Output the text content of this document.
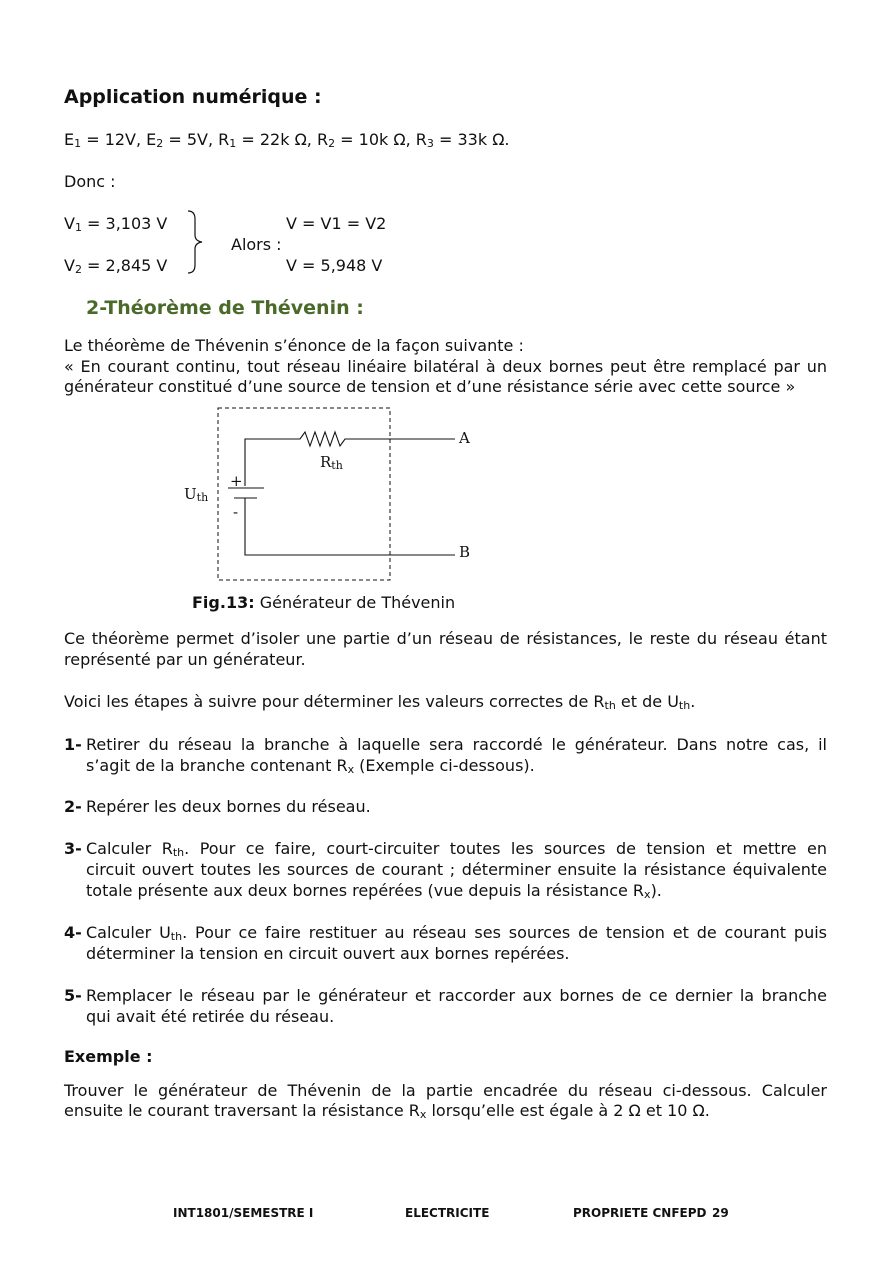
Application numérique :
$E_1 = 12V$, $E_2 = 5V$, $R_1 = 22k$ Ω, $R_2 = 10k$ Ω, $R_3 = 33k$ Ω.
Donc :
$V_1 = 3,103$ V
$V_2 = 2,845$ V
Alors :
V = V1 = V2
V = 5,948 V
2-Théorème de Thévenin :
Le théorème de Thévenin s’énonce de la façon suivante :
« En courant continu, tout réseau linéaire bilatéral à deux bornes peut être remplacé par un
générateur constitué d’une source de tension et d’une résistance série avec cette source »
A
B
$R_{th}$
$U_{th}$
+
-
Fig.13: Générateur de Thévenin
Ce théorème permet d’isoler une partie d’un réseau de résistances, le reste du réseau étant
représenté par un générateur.
Voici les étapes à suivre pour déterminer les valeurs correctes de $R_{th}$ et de $U_{th}$.
1- Retirer du réseau la branche à laquelle sera raccordé le générateur. Dans notre cas, il
s’agit de la branche contenant $R_x$ (Exemple ci-dessous).
2- Repérer les deux bornes du réseau.
3- Calculer $R_{th}$. Pour ce faire, court-circuiter toutes les sources de tension et mettre en
circuit ouvert toutes les sources de courant ; déterminer ensuite la résistance équivalente
totale présente aux deux bornes repérées (vue depuis la résistance $R_x$).
4- Calculer $U_{th}$. Pour ce faire restituer au réseau ses sources de tension et de courant puis
déterminer la tension en circuit ouvert aux bornes repérées.
5- Remplacer le réseau par le générateur et raccorder aux bornes de ce dernier la branche
qui avait été retirée du réseau.
Exemple :
Trouver le générateur de Thévenin de la partie encadrée du réseau ci-dessous. Calculer
ensuite le courant traversant la résistance $R_x$ lorsqu’elle est égale à 2 Ω et 10 Ω.
INT1801/SEMESTRE I	ELECTRICITE	PROPRIETE CNFEPD 29
